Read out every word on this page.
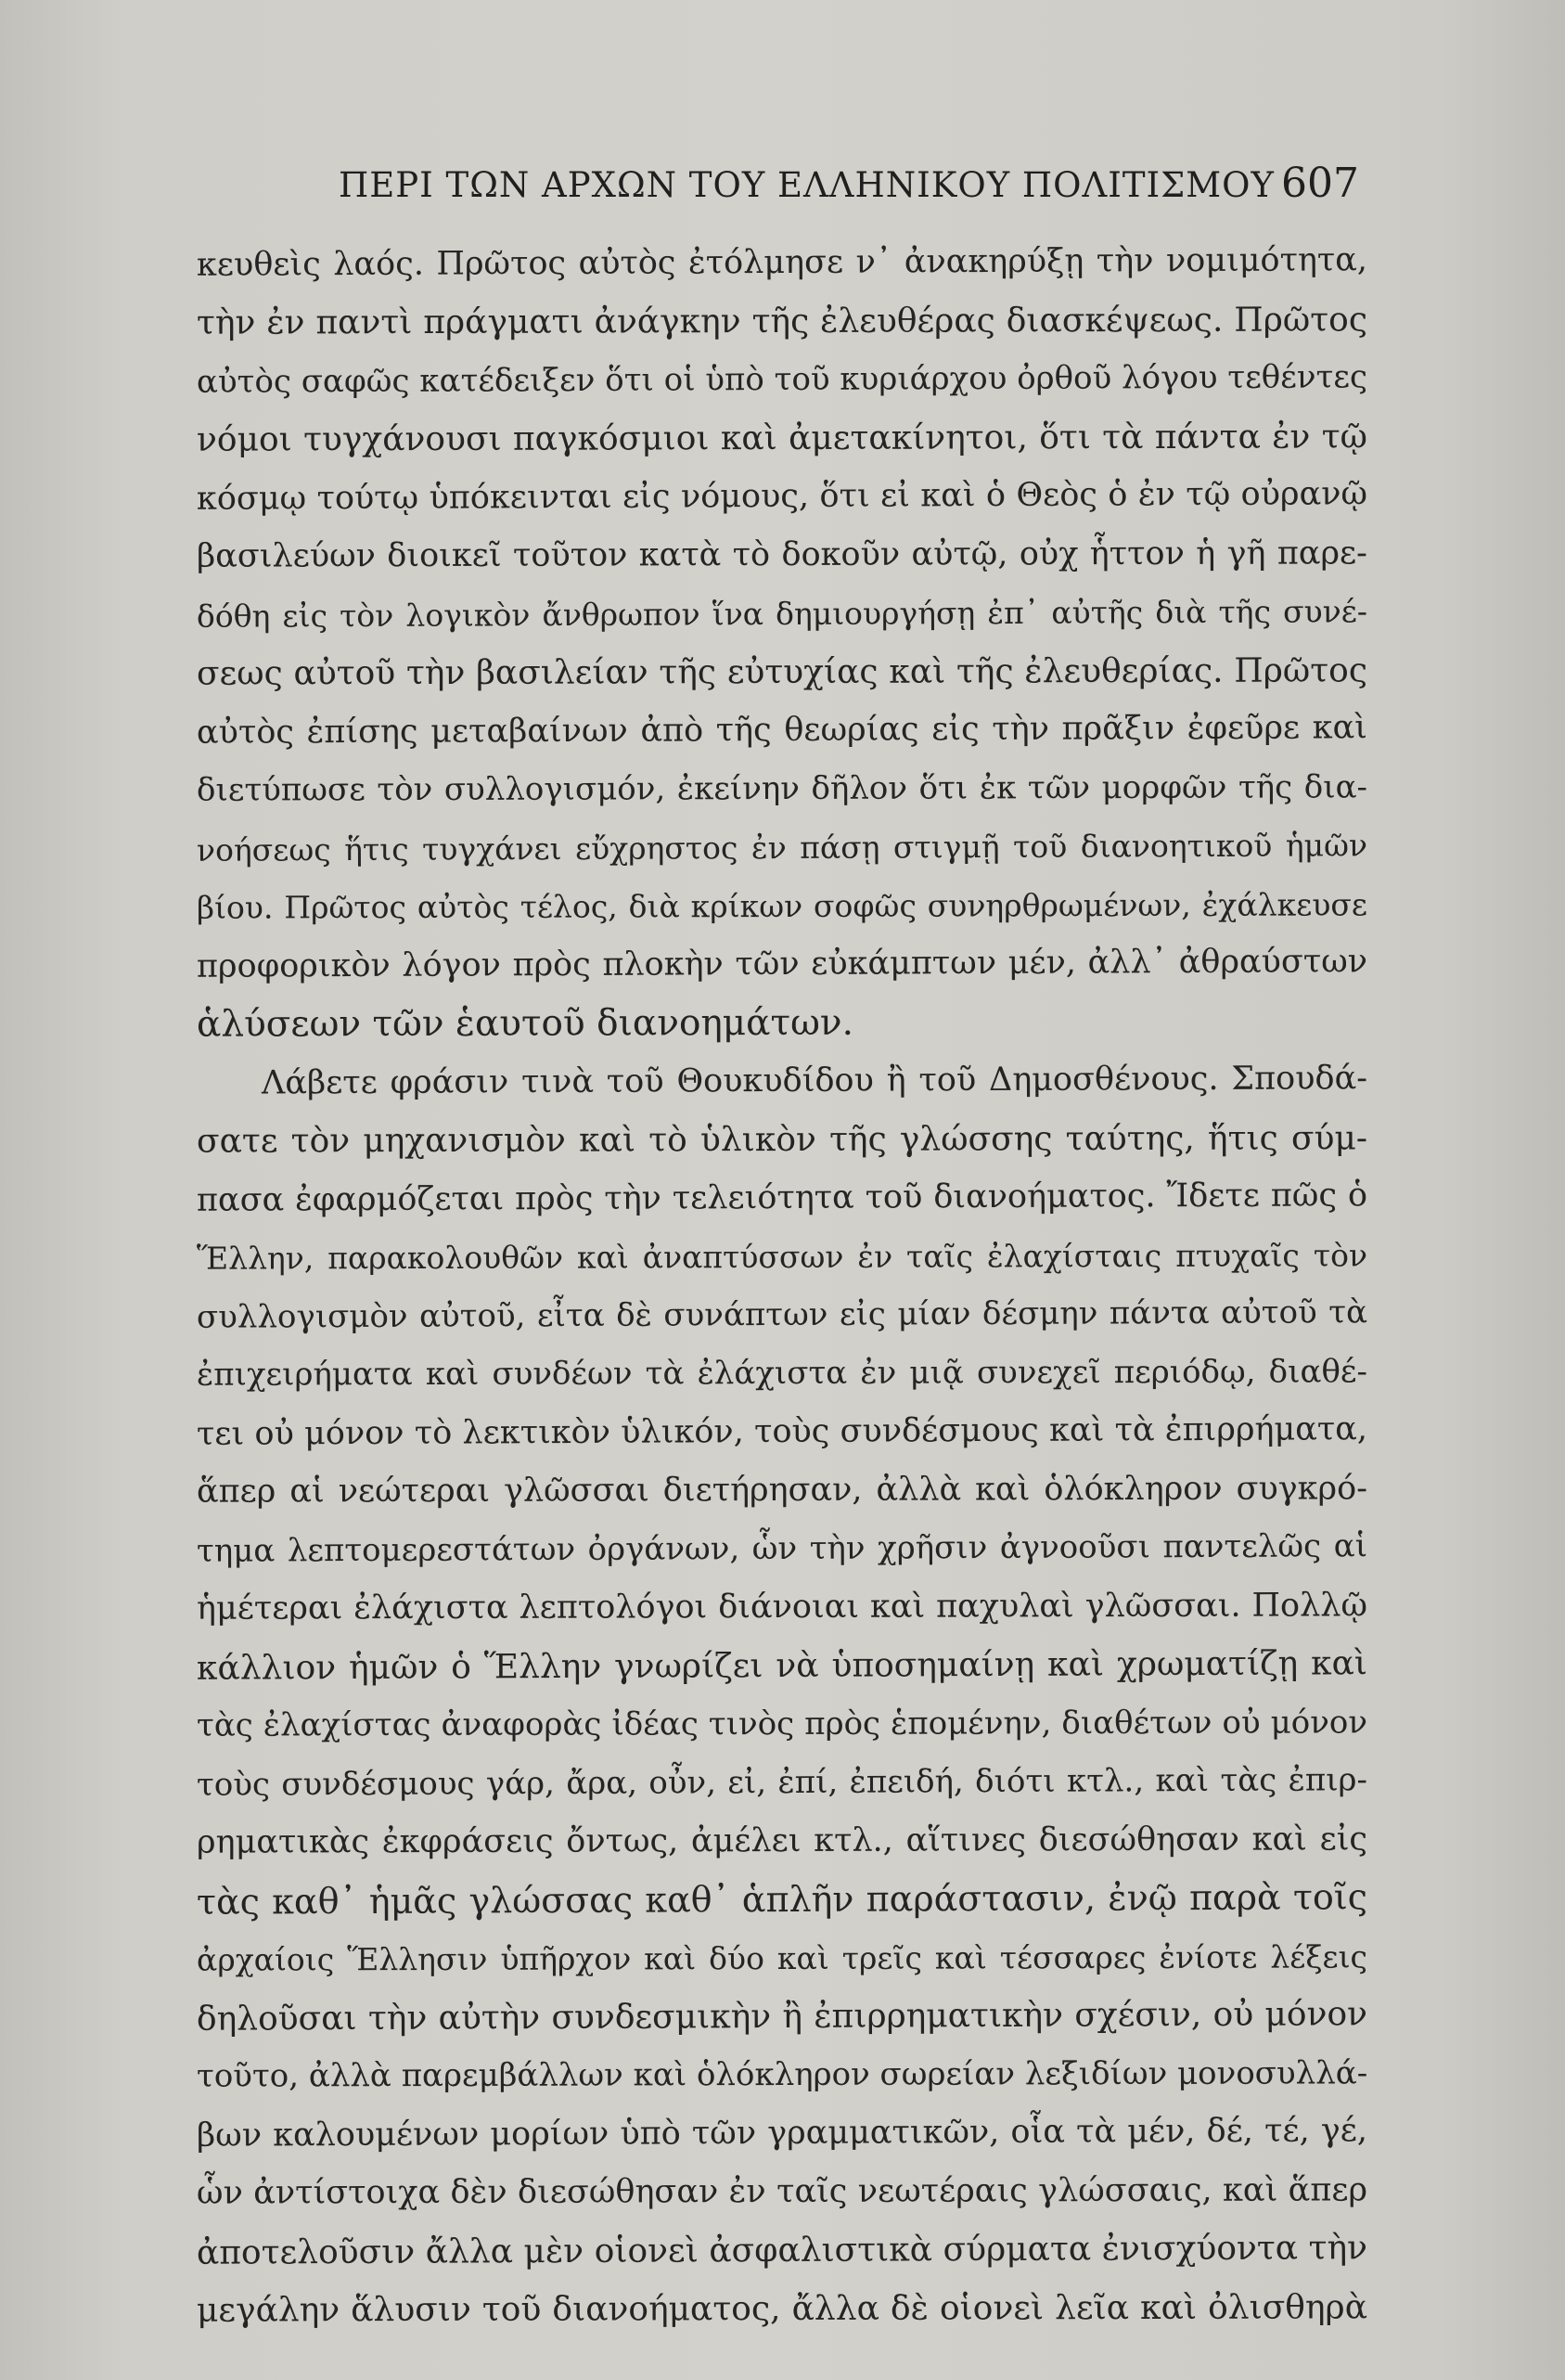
ΠΕΡΙ ΤΩΝ ΑΡΧΩΝ ΤΟΥ ΕΛΛΗΝΙΚΟΥ ΠΟΛΙΤΙΣΜΟΥ 607
κευθεὶς λαός. Πρῶτος αὐτὸς ἐτόλμησε ν᾿ ἀνακηρύξῃ τὴν νομιμότητα,
τὴν ἐν παντὶ πράγματι ἀνάγκην τῆς ἐλευθέρας διασκέψεως. Πρῶτος
αὐτὸς σαφῶς κατέδειξεν ὅτι οἱ ὑπὸ τοῦ κυριάρχου ὀρθοῦ λόγου τεθέντες
νόμοι τυγχάνουσι παγκόσμιοι καὶ ἀμετακίνητοι, ὅτι τὰ πάντα ἐν τῷ
κόσμῳ τούτῳ ὑπόκεινται εἰς νόμους, ὅτι εἰ καὶ ὁ Θεὸς ὁ ἐν τῷ οὐρανῷ
βασιλεύων διοικεῖ τοῦτον κατὰ τὸ δοκοῦν αὐτῷ, οὐχ ἧττον ἡ γῆ παρε-
δόθη εἰς τὸν λογικὸν ἄνθρωπον ἵνα δημιουργήσῃ ἐπ᾿ αὐτῆς διὰ τῆς συνέ-
σεως αὐτοῦ τὴν βασιλείαν τῆς εὐτυχίας καὶ τῆς ἐλευθερίας. Πρῶτος
αὐτὸς ἐπίσης μεταβαίνων ἀπὸ τῆς θεωρίας εἰς τὴν πρᾶξιν ἐφεῦρε καὶ
διετύπωσε τὸν συλλογισμόν, ἐκείνην δῆλον ὅτι ἐκ τῶν μορφῶν τῆς δια-
νοήσεως ἥτις τυγχάνει εὔχρηστος ἐν πάσῃ στιγμῇ τοῦ διανοητικοῦ ἡμῶν
βίου. Πρῶτος αὐτὸς τέλος, διὰ κρίκων σοφῶς συνηρθρωμένων, ἐχάλκευσε
προφορικὸν λόγον πρὸς πλοκὴν τῶν εὐκάμπτων μέν, ἀλλ᾿ ἀθραύστων
ἁλύσεων τῶν ἑαυτοῦ διανοημάτων.
Λάβετε φράσιν τινὰ τοῦ Θουκυδίδου ἢ τοῦ Δημοσθένους. Σπουδά-
σατε τὸν μηχανισμὸν καὶ τὸ ὑλικὸν τῆς γλώσσης ταύτης, ἥτις σύμ-
πασα ἐφαρμόζεται πρὸς τὴν τελειότητα τοῦ διανοήματος. Ἴδετε πῶς ὁ
Ἕλλην, παρακολουθῶν καὶ ἀναπτύσσων ἐν ταῖς ἐλαχίσταις πτυχαῖς τὸν
συλλογισμὸν αὐτοῦ, εἶτα δὲ συνάπτων εἰς μίαν δέσμην πάντα αὐτοῦ τὰ
ἐπιχειρήματα καὶ συνδέων τὰ ἐλάχιστα ἐν μιᾷ συνεχεῖ περιόδῳ, διαθέ-
τει οὐ μόνον τὸ λεκτικὸν ὑλικόν, τοὺς συνδέσμους καὶ τὰ ἐπιρρήματα,
ἅπερ αἱ νεώτεραι γλῶσσαι διετήρησαν, ἀλλὰ καὶ ὁλόκληρον συγκρό-
τημα λεπτομερεστάτων ὀργάνων, ὧν τὴν χρῆσιν ἀγνοοῦσι παντελῶς αἱ
ἡμέτεραι ἐλάχιστα λεπτολόγοι διάνοιαι καὶ παχυλαὶ γλῶσσαι. Πολλῷ
κάλλιον ἡμῶν ὁ Ἕλλην γνωρίζει νὰ ὑποσημαίνῃ καὶ χρωματίζῃ καὶ
τὰς ἐλαχίστας ἀναφορὰς ἰδέας τινὸς πρὸς ἑπομένην, διαθέτων οὐ μόνον
τοὺς συνδέσμους γάρ, ἄρα, οὖν, εἰ, ἐπί, ἐπειδή, διότι κτλ., καὶ τὰς ἐπιρ-
ρηματικὰς ἐκφράσεις ὄντως, ἀμέλει κτλ., αἵτινες διεσώθησαν καὶ εἰς
τὰς καθ᾿ ἡμᾶς γλώσσας καθ᾿ ἁπλῆν παράστασιν, ἐνῷ παρὰ τοῖς
ἀρχαίοις Ἕλλησιν ὑπῆρχον καὶ δύο καὶ τρεῖς καὶ τέσσαρες ἐνίοτε λέξεις
δηλοῦσαι τὴν αὐτὴν συνδεσμικὴν ἢ ἐπιρρηματικὴν σχέσιν, οὐ μόνον
τοῦτο, ἀλλὰ παρεμβάλλων καὶ ὁλόκληρον σωρείαν λεξιδίων μονοσυλλά-
βων καλουμένων μορίων ὑπὸ τῶν γραμματικῶν, οἷα τὰ μέν, δέ, τέ, γέ,
ὧν ἀντίστοιχα δὲν διεσώθησαν ἐν ταῖς νεωτέραις γλώσσαις, καὶ ἅπερ
ἀποτελοῦσιν ἄλλα μὲν οἱονεὶ ἀσφαλιστικὰ σύρματα ἐνισχύοντα τὴν
μεγάλην ἅλυσιν τοῦ διανοήματος, ἄλλα δὲ οἱονεὶ λεῖα καὶ ὀλισθηρὰ
